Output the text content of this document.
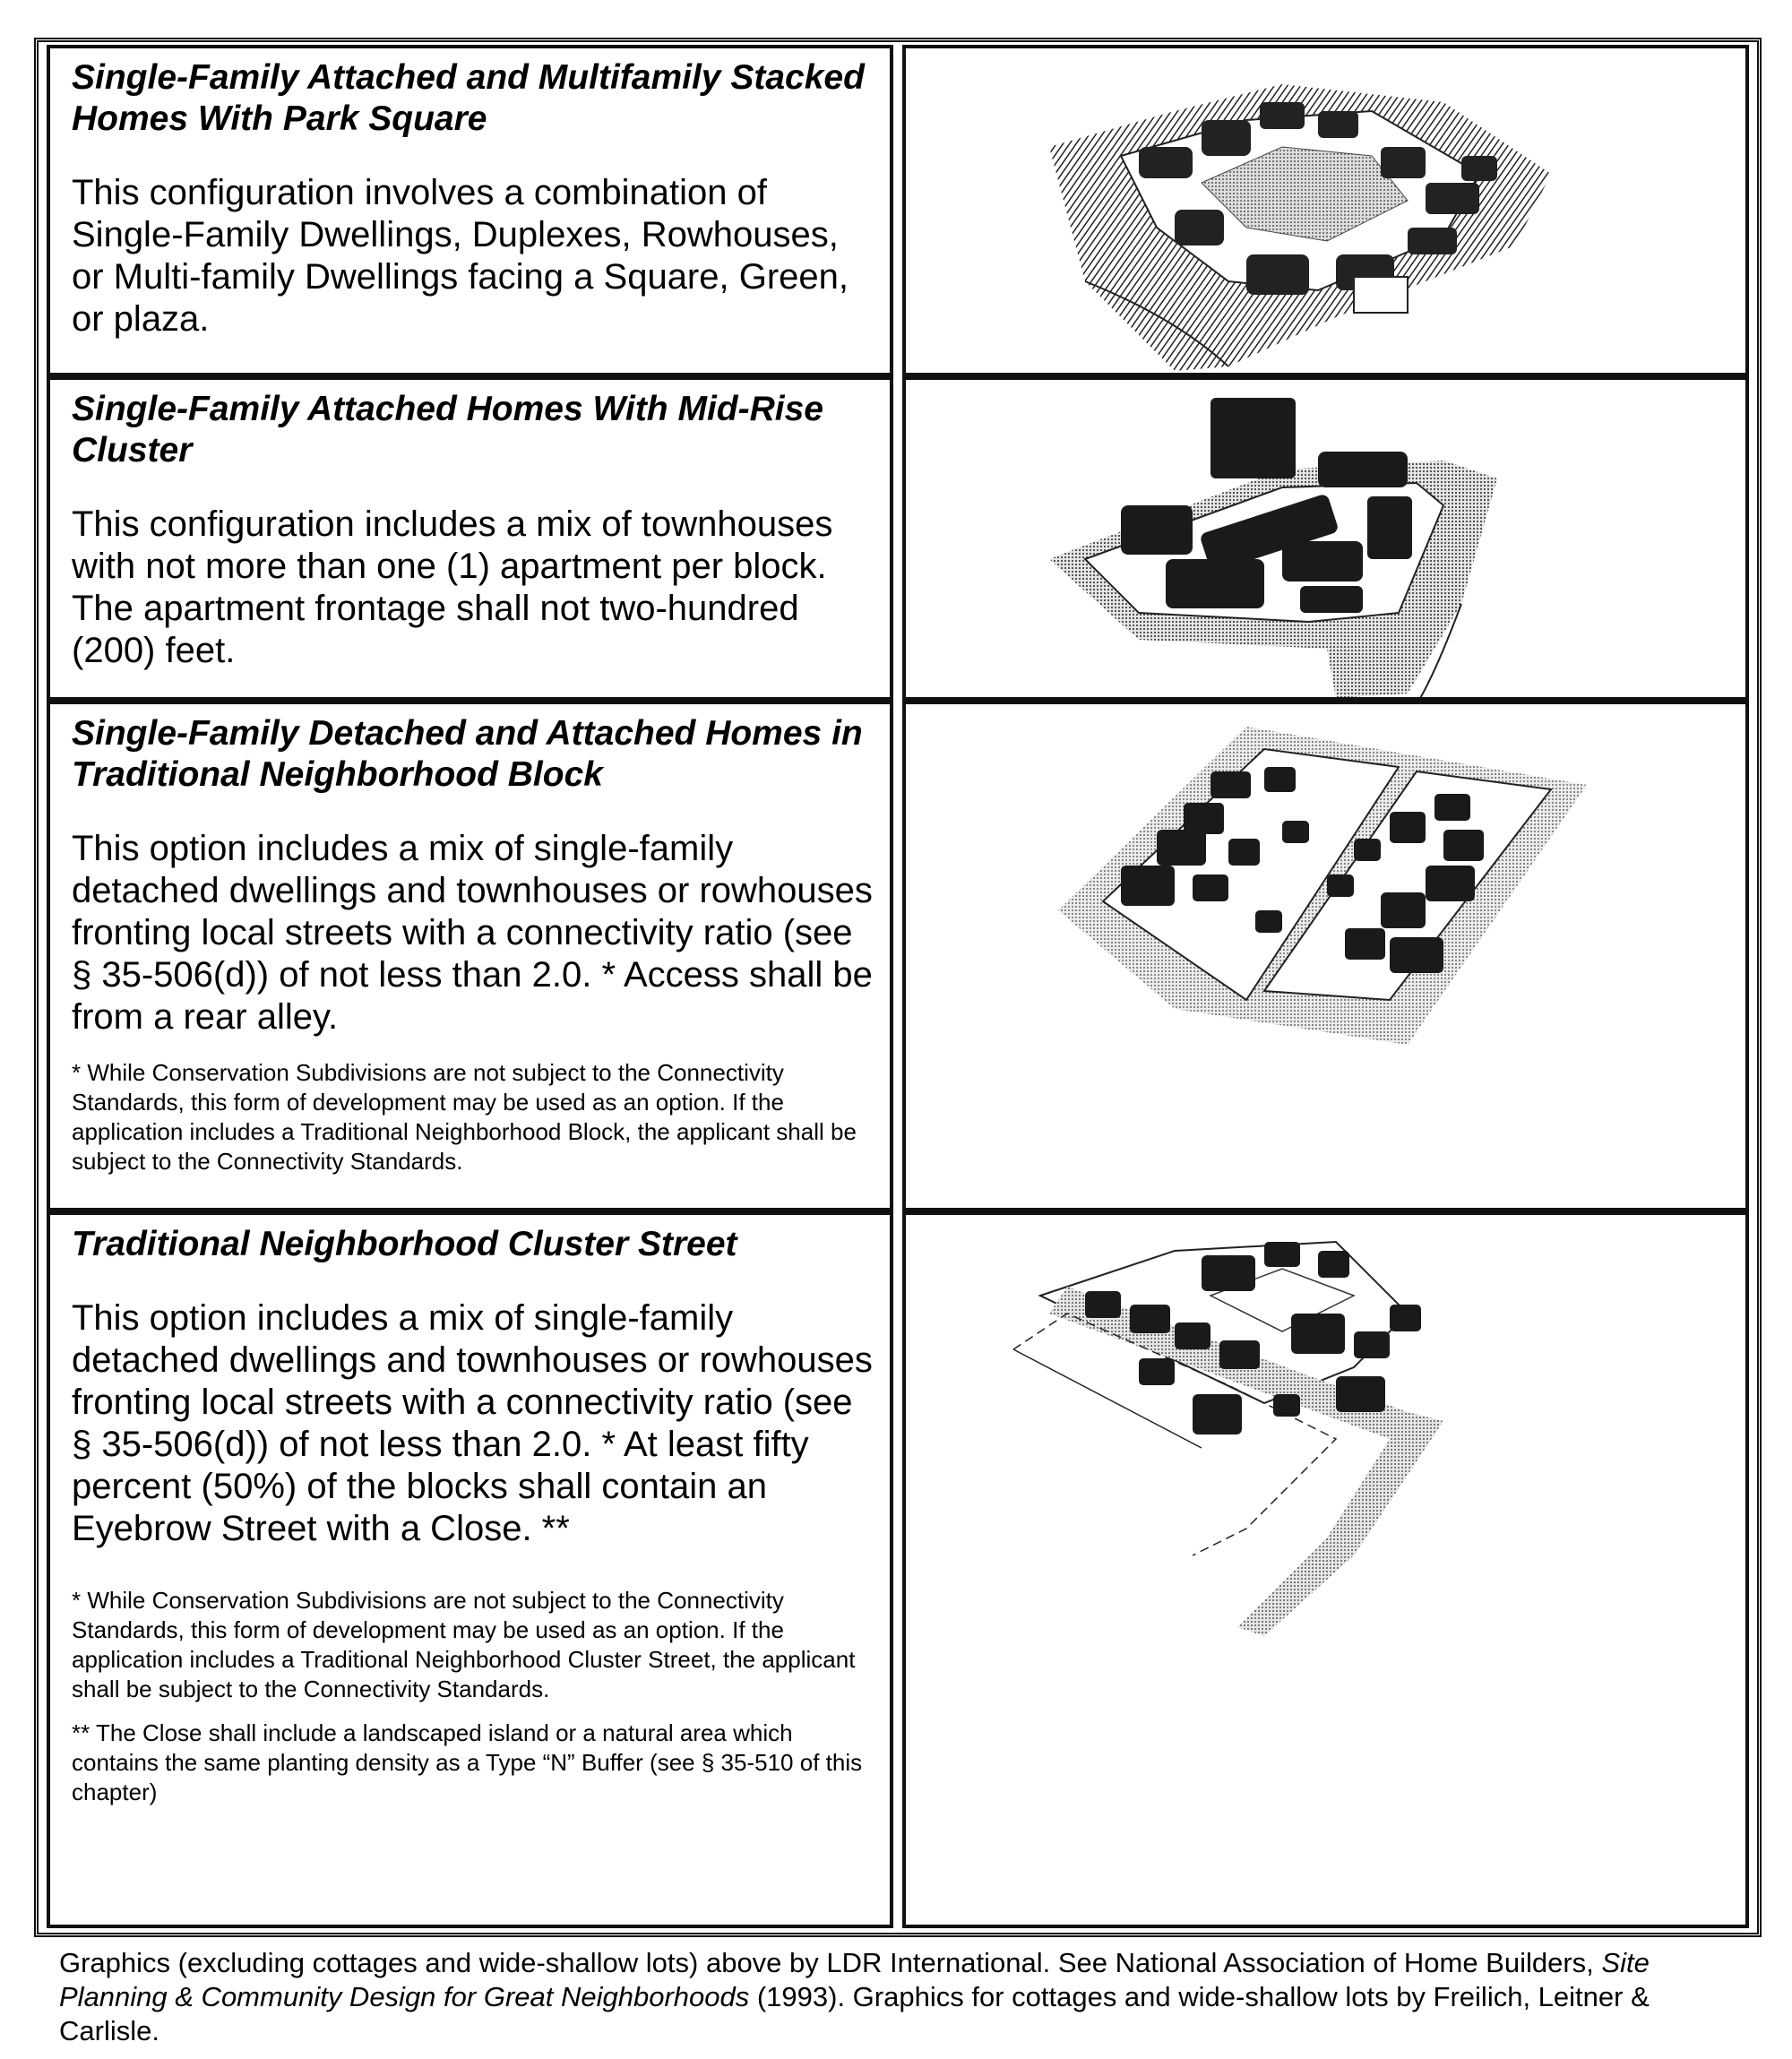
Single-Family Attached and Multifamily Stacked Homes With Park Square

This configuration involves a combination of Single-Family Dwellings, Duplexes, Rowhouses, or Multi-family Dwellings facing a Square, Green, or plaza.

Single-Family Attached Homes With Mid-Rise Cluster

This configuration includes a mix of townhouses with not more than one (1) apartment per block. The apartment frontage shall not two-hundred (200) feet.

Single-Family Detached and Attached Homes in Traditional Neighborhood Block

This option includes a mix of single-family detached dwellings and townhouses or rowhouses fronting local streets with a connectivity ratio (see § 35-506(d)) of not less than 2.0. * Access shall be from a rear alley.

* While Conservation Subdivisions are not subject to the Connectivity Standards, this form of development may be used as an option. If the application includes a Traditional Neighborhood Block, the applicant shall be subject to the Connectivity Standards.

Traditional Neighborhood Cluster Street

This option includes a mix of single-family detached dwellings and townhouses or rowhouses fronting local streets with a connectivity ratio (see § 35-506(d)) of not less than 2.0. * At least fifty percent (50%) of the blocks shall contain an Eyebrow Street with a Close. **

* While Conservation Subdivisions are not subject to the Connectivity Standards, this form of development may be used as an option. If the application includes a Traditional Neighborhood Cluster Street, the applicant shall be subject to the Connectivity Standards.

** The Close shall include a landscaped island or a natural area which contains the same planting density as a Type “N” Buffer (see § 35-510 of this chapter)

Graphics (excluding cottages and wide-shallow lots) above by LDR International. See National Association of Home Builders, Site Planning & Community Design for Great Neighborhoods (1993). Graphics for cottages and wide-shallow lots by Freilich, Leitner & Carlisle.
